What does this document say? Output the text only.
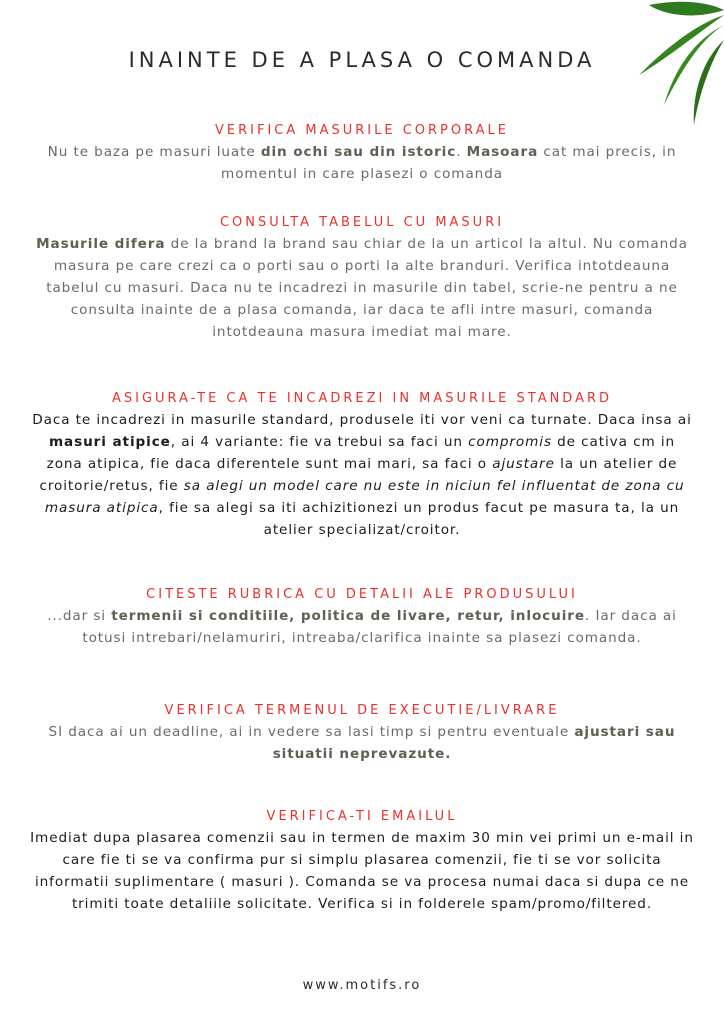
INAINTE DE A PLASA O COMANDA

VERIFICA MASURILE CORPORALE

Nu te baza pe masuri luate din ochi sau din istoric. Masoara cat mai precis, in momentul in care plasezi o comanda

CONSULTA TABELUL CU MASURI

Masurile difera de la brand la brand sau chiar de la un articol la altul. Nu comanda masura pe care crezi ca o porti sau o porti la alte branduri. Verifica intotdeauna tabelul cu masuri. Daca nu te incadrezi in masurile din tabel, scrie-ne pentru a ne consulta inainte de a plasa comanda, iar daca te afli intre masuri, comanda intotdeauna masura imediat mai mare.

ASIGURA-TE CA TE INCADREZI IN MASURILE STANDARD

Daca te incadrezi in masurile standard, produsele iti vor veni ca turnate. Daca insa ai masuri atipice, ai 4 variante: fie va trebui sa faci un compromis de cativa cm in zona atipica, fie daca diferentele sunt mai mari, sa faci o ajustare la un atelier de croitorie/retus, fie sa alegi un model care nu este in niciun fel influentat de zona cu masura atipica, fie sa alegi sa iti achizitionezi un produs facut pe masura ta, la un atelier specializat/croitor.

CITESTE RUBRICA CU DETALII ALE PRODUSULUI

...dar si termenii si conditiile, politica de livare, retur, inlocuire. Iar daca ai totusi intrebari/nelamuriri, intreaba/clarifica inainte sa plasezi comanda.

VERIFICA TERMENUL DE EXECUTIE/LIVRARE

SI daca ai un deadline, ai in vedere sa lasi timp si pentru eventuale ajustari sau situatii neprevazute.

VERIFICA-TI EMAILUL

Imediat dupa plasarea comenzii sau in termen de maxim 30 min vei primi un e-mail in care fie ti se va confirma pur si simplu plasarea comenzii, fie ti se vor solicita informatii suplimentare ( masuri ). Comanda se va procesa numai daca si dupa ce ne trimiti toate detaliile solicitate. Verifica si in folderele spam/promo/filtered.

www.motifs.ro
